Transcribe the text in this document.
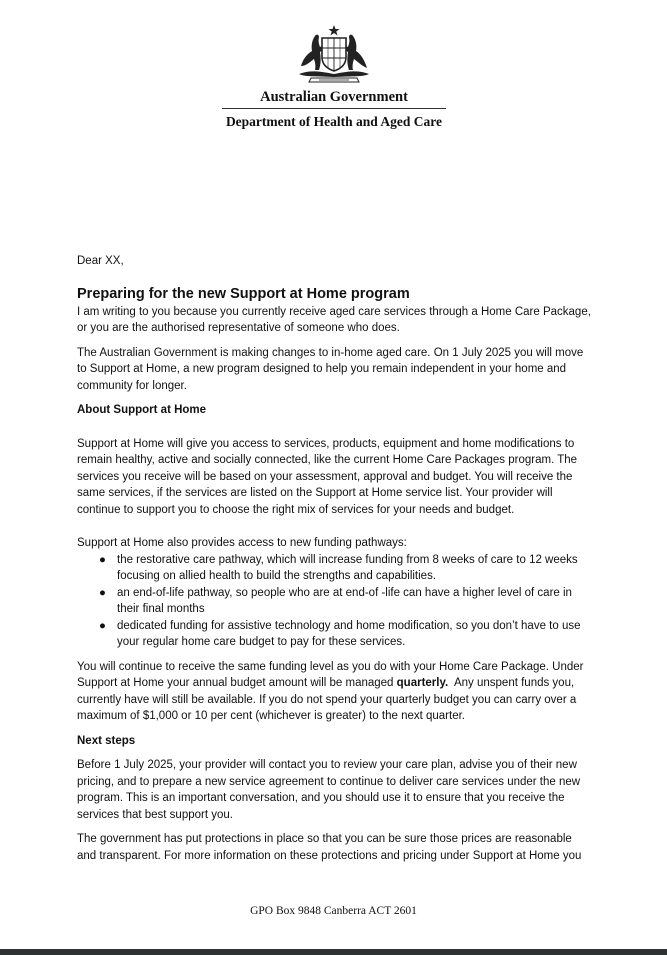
Australian Government
Department of Health and Aged Care

Dear XX,

Preparing for the new Support at Home program

I am writing to you because you currently receive aged care services through a Home Care Package, or you are the authorised representative of someone who does.

The Australian Government is making changes to in-home aged care. On 1 July 2025 you will move to Support at Home, a new program designed to help you remain independent in your home and community for longer.

About Support at Home

Support at Home will give you access to services, products, equipment and home modifications to remain healthy, active and socially connected, like the current Home Care Packages program. The services you receive will be based on your assessment, approval and budget. You will receive the same services, if the services are listed on the Support at Home service list. Your provider will continue to support you to choose the right mix of services for your needs and budget.

Support at Home also provides access to new funding pathways:

● the restorative care pathway, which will increase funding from 8 weeks of care to 12 weeks focusing on allied health to build the strengths and capabilities.
● an end-of-life pathway, so people who are at end-of -life can have a higher level of care in their final months
● dedicated funding for assistive technology and home modification, so you don’t have to use your regular home care budget to pay for these services.

You will continue to receive the same funding level as you do with your Home Care Package. Under Support at Home your annual budget amount will be managed quarterly.  Any unspent funds you, currently have will still be available. If you do not spend your quarterly budget you can carry over a maximum of $1,000 or 10 per cent (whichever is greater) to the next quarter.

Next steps

Before 1 July 2025, your provider will contact you to review your care plan, advise you of their new pricing, and to prepare a new service agreement to continue to deliver care services under the new program. This is an important conversation, and you should use it to ensure that you receive the services that best support you.

The government has put protections in place so that you can be sure those prices are reasonable and transparent. For more information on these protections and pricing under Support at Home you

GPO Box 9848 Canberra ACT 2601
